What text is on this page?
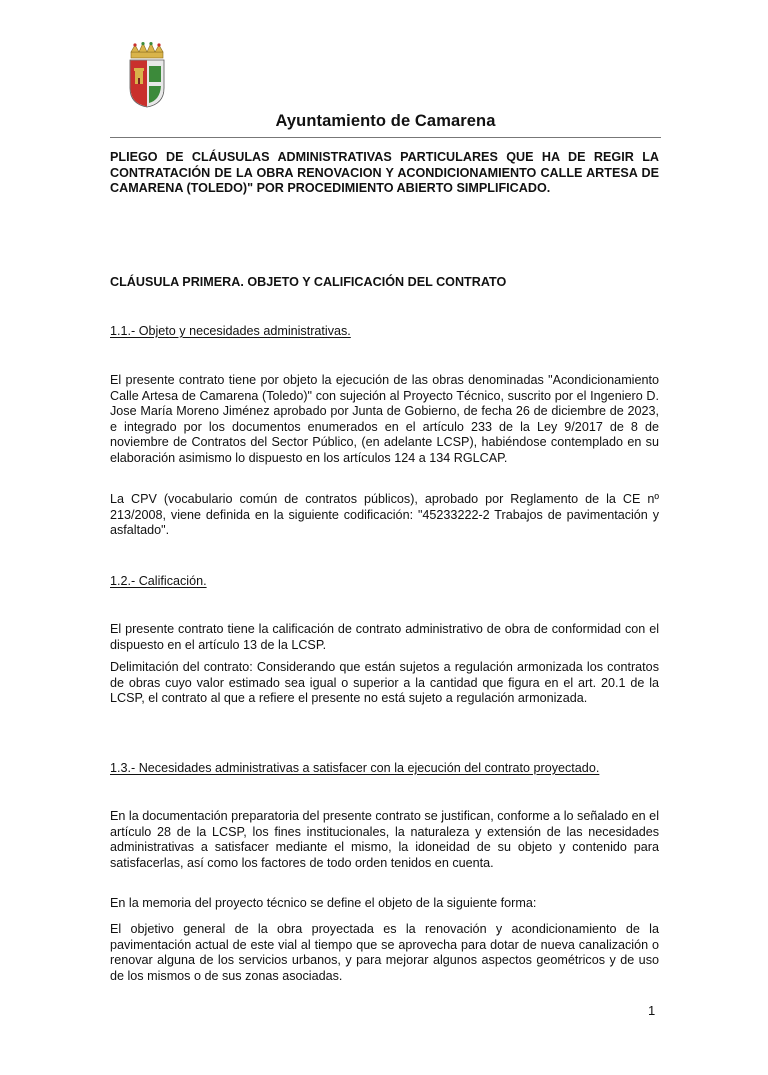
Ayuntamiento de Camarena
PLIEGO DE CLÁUSULAS ADMINISTRATIVAS PARTICULARES QUE HA DE REGIR LA CONTRATACIÓN DE LA OBRA RENOVACION Y ACONDICIONAMIENTO CALLE ARTESA DE CAMARENA (TOLEDO)" POR PROCEDIMIENTO ABIERTO SIMPLIFICADO.
CLÁUSULA PRIMERA. OBJETO Y CALIFICACIÓN DEL CONTRATO
1.1.- Objeto y necesidades administrativas.
El presente contrato tiene por objeto la ejecución de las obras denominadas "Acondicionamiento Calle Artesa de Camarena (Toledo)" con sujeción al Proyecto Técnico, suscrito por el Ingeniero D. Jose María Moreno Jiménez aprobado por Junta de Gobierno, de fecha 26 de diciembre de 2023, e integrado por los documentos enumerados en el artículo 233 de la Ley 9/2017 de 8 de noviembre de Contratos del Sector Público, (en adelante LCSP), habiéndose contemplado en su elaboración asimismo lo dispuesto en los artículos 124 a 134 RGLCAP.
La CPV (vocabulario común de contratos públicos), aprobado por Reglamento de la CE nº 213/2008, viene definida en la siguiente codificación: "45233222-2 Trabajos de pavimentación y asfaltado".
1.2.- Calificación.
El presente contrato tiene la calificación de contrato administrativo de obra de conformidad con el dispuesto en el artículo 13 de la LCSP.
Delimitación del contrato: Considerando que están sujetos a regulación armonizada los contratos de obras cuyo valor estimado sea igual o superior a la cantidad que figura en el art. 20.1 de la LCSP, el contrato al que a refiere el presente no está sujeto a regulación armonizada.
1.3.- Necesidades administrativas a satisfacer con la ejecución del contrato proyectado.
En la documentación preparatoria del presente contrato se justifican, conforme a lo señalado en el artículo 28 de la LCSP, los fines institucionales, la naturaleza y extensión de las necesidades administrativas a satisfacer mediante el mismo, la idoneidad de su objeto y contenido para satisfacerlas, así como los factores de todo orden tenidos en cuenta.
En la memoria del proyecto técnico se define el objeto de la siguiente forma:
El objetivo general de la obra proyectada es la renovación y acondicionamiento de la pavimentación actual de este vial al tiempo que se aprovecha para dotar de nueva canalización o renovar alguna de los servicios urbanos, y para mejorar algunos aspectos geométricos y de uso de los mismos o de sus zonas asociadas.
1
